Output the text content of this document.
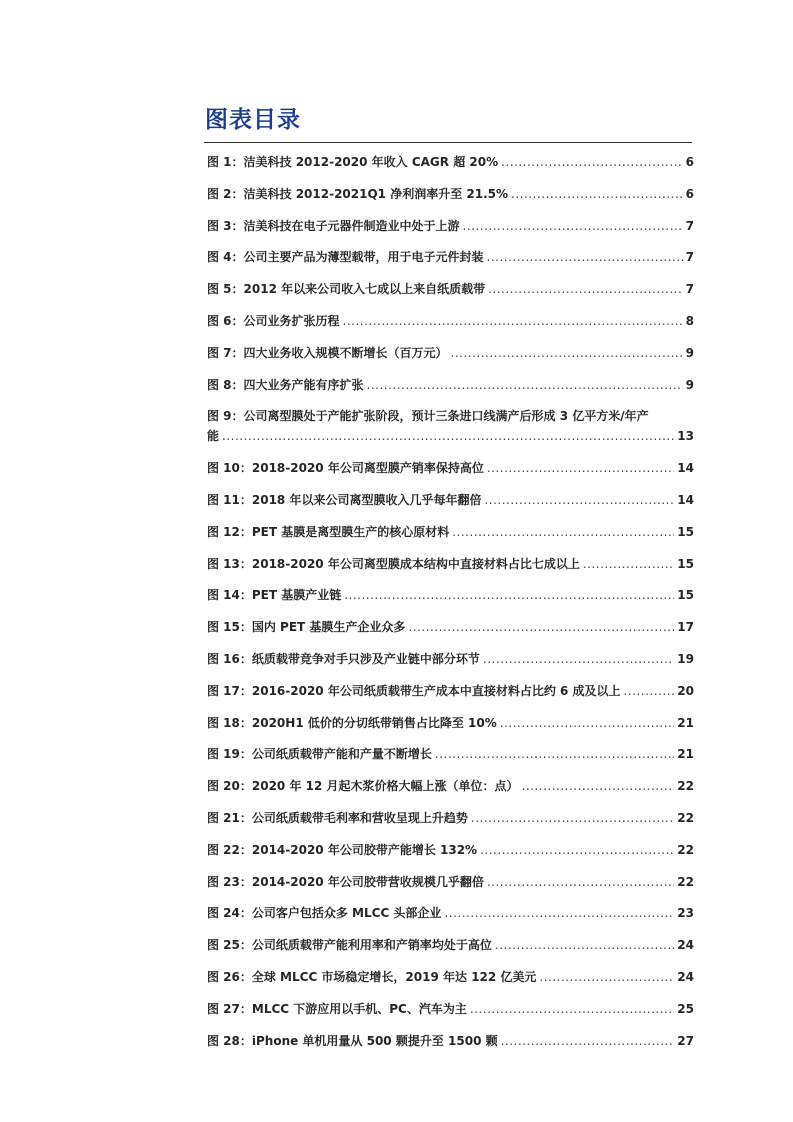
图表目录
图 1：洁美科技 2012-2020 年收入 CAGR 超 20% .....	6
图 2：洁美科技 2012-2021Q1 净利润率升至 21.5% .....	6
图 3：洁美科技在电子元器件制造业中处于上游 .....	7
图 4：公司主要产品为薄型载带，用于电子元件封装 .....	7
图 5：2012 年以来公司收入七成以上来自纸质载带 .....	7
图 6：公司业务扩张历程 .....	8
图 7：四大业务收入规模不断增长（百万元） .....	9
图 8：四大业务产能有序扩张 .....	9
图 9：公司离型膜处于产能扩张阶段，预计三条进口线满产后形成 3 亿平方米/年产
能 .....	13
图 10：2018-2020 年公司离型膜产销率保持高位 .....	14
图 11：2018 年以来公司离型膜收入几乎每年翻倍 .....	14
图 12：PET 基膜是离型膜生产的核心原材料 .....	15
图 13：2018-2020 年公司离型膜成本结构中直接材料占比七成以上 .....	15
图 14：PET 基膜产业链 .....	15
图 15：国内 PET 基膜生产企业众多 .....	17
图 16：纸质载带竞争对手只涉及产业链中部分环节 .....	19
图 17：2016-2020 年公司纸质载带生产成本中直接材料占比约 6 成及以上 .....	20
图 18：2020H1 低价的分切纸带销售占比降至 10% .....	21
图 19：公司纸质载带产能和产量不断增长 .....	21
图 20：2020 年 12 月起木浆价格大幅上涨（单位：点） .....	22
图 21：公司纸质载带毛利率和营收呈现上升趋势 .....	22
图 22：2014-2020 年公司胶带产能增长 132% .....	22
图 23：2014-2020 年公司胶带营收规模几乎翻倍 .....	22
图 24：公司客户包括众多 MLCC 头部企业 .....	23
图 25：公司纸质载带产能利用率和产销率均处于高位 .....	24
图 26：全球 MLCC 市场稳定增长，2019 年达 122 亿美元 .....	24
图 27：MLCC 下游应用以手机、PC、汽车为主 .....	25
图 28：iPhone 单机用量从 500 颗提升至 1500 颗 .....	27
